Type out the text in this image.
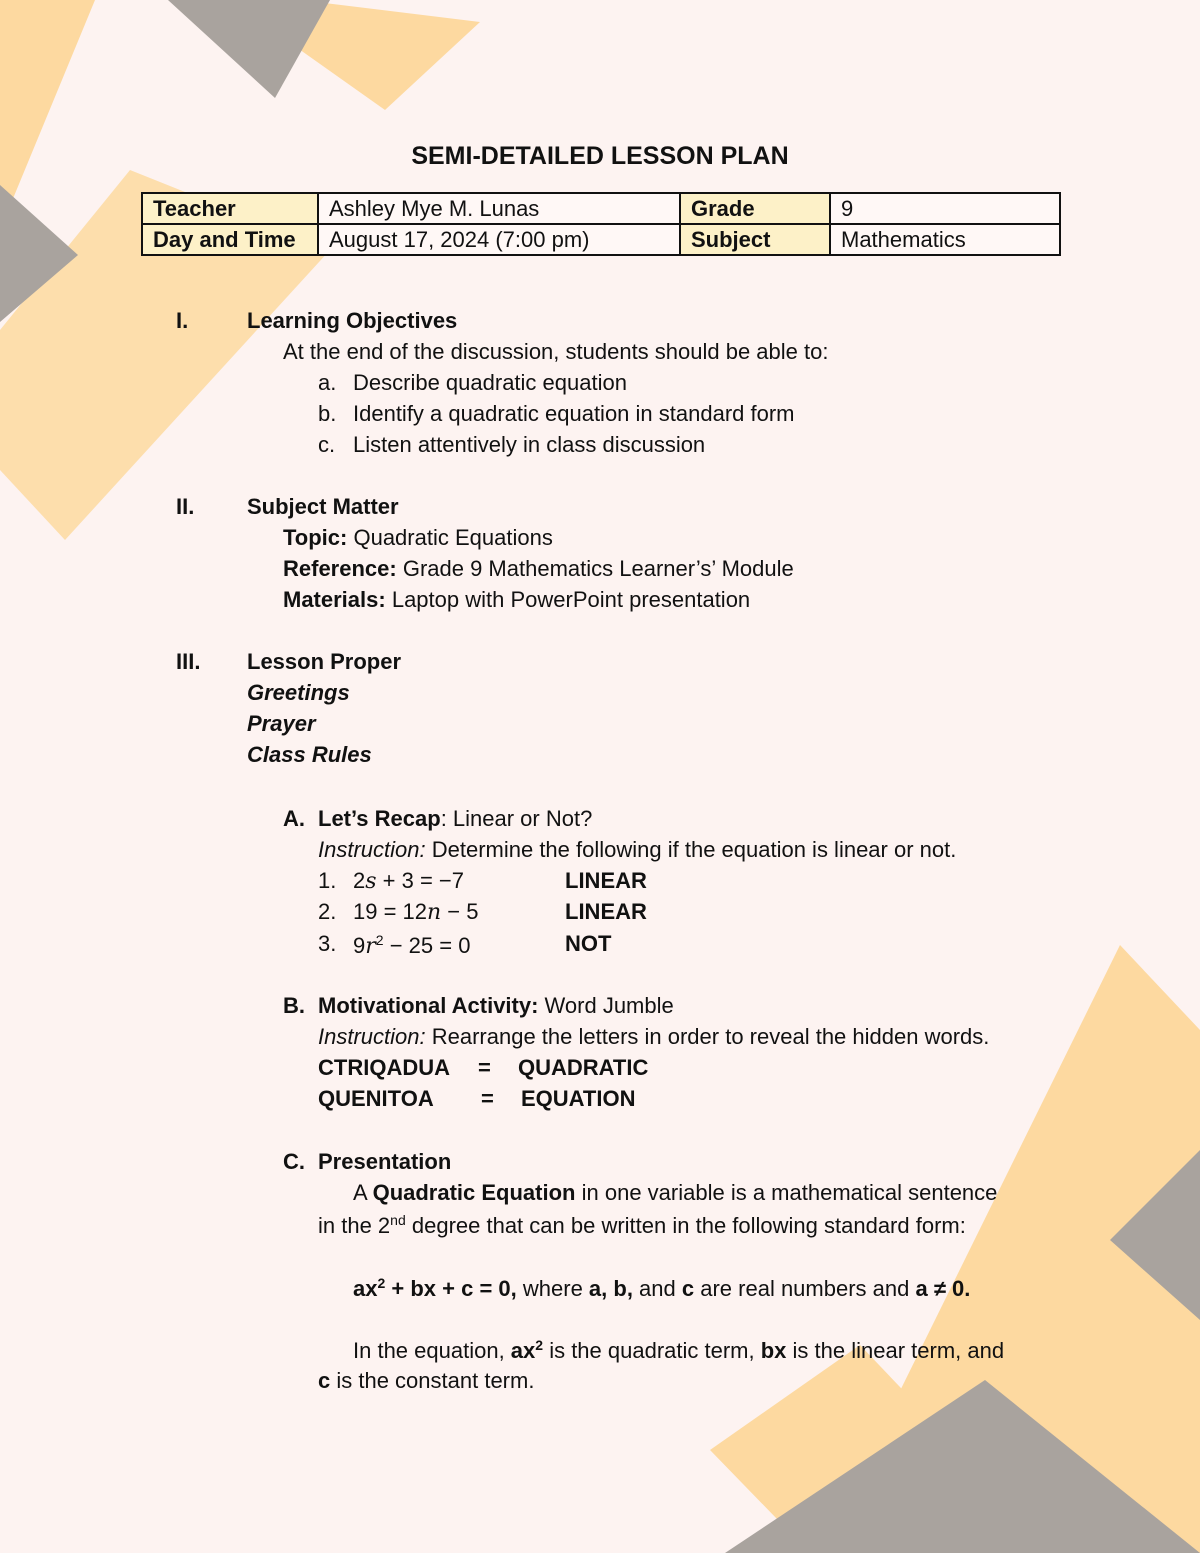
SEMI-DETAILED LESSON PLAN
Teacher	Ashley Mye M. Lunas	Grade	9
Day and Time	August 17, 2024 (7:00 pm)	Subject	Mathematics
I.	Learning Objectives
At the end of the discussion, students should be able to:
a. Describe quadratic equation
b. Identify a quadratic equation in standard form
c. Listen attentively in class discussion
II. Subject Matter
Topic: Quadratic Equations
Reference: Grade 9 Mathematics Learner’s’ Module
Materials: Laptop with PowerPoint presentation
III. Lesson Proper
Greetings
Prayer
Class Rules
A. Let’s Recap: Linear or Not?
Instruction: Determine the following if the equation is linear or not.
1. 2s + 3 = −7	LINEAR
2. 19 = 12n − 5	LINEAR
3. $9r^2 - 25 = 0$	NOT
B. Motivational Activity: Word Jumble
Instruction: Rearrange the letters in order to reveal the hidden words.
CTRIQADUA = QUADRATIC
QUENITOA = EQUATION
C. Presentation
A Quadratic Equation in one variable is a mathematical sentence
in the 2nd degree that can be written in the following standard form:
$ax^2$ + bx + c = 0, where a, b, and c are real numbers and a ≠ 0.
In the equation, $ax^2$ is the quadratic term, bx is the linear term, and
c is the constant term.
